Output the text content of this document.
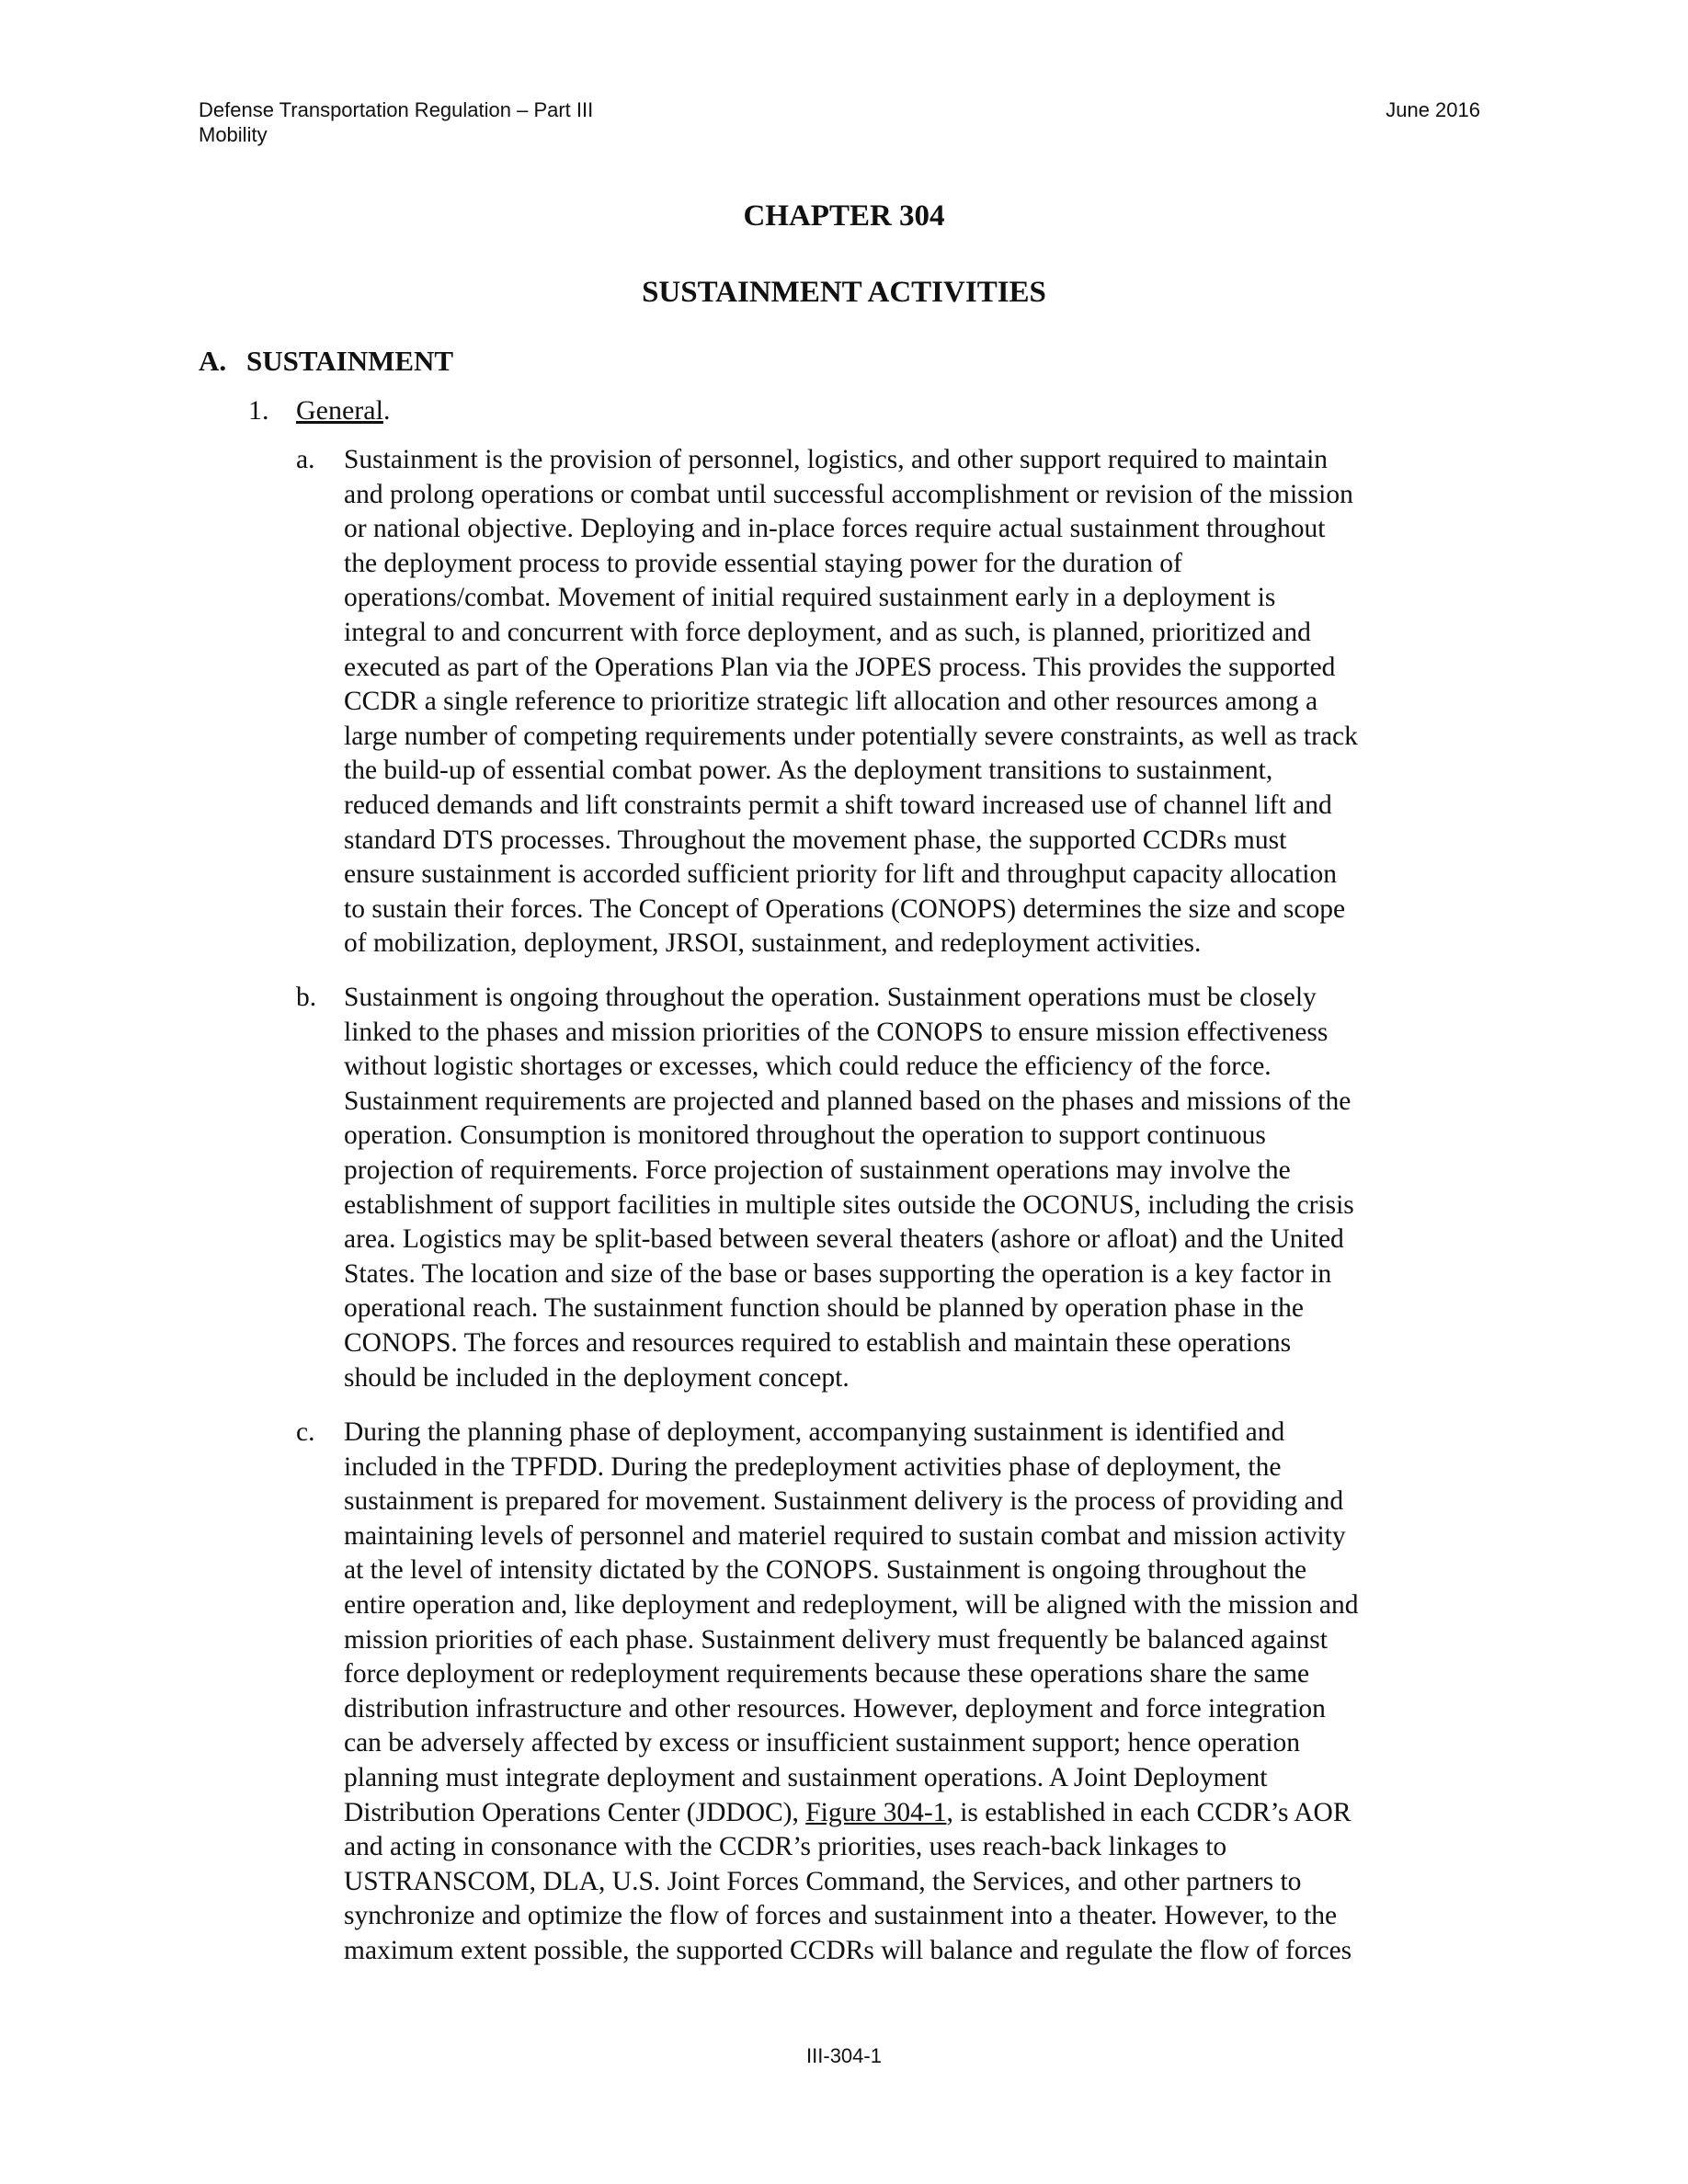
Defense Transportation Regulation – Part III
Mobility
June 2016
CHAPTER 304
SUSTAINMENT ACTIVITIES
A. SUSTAINMENT
1. General.
a. Sustainment is the provision of personnel, logistics, and other support required to maintain
and prolong operations or combat until successful accomplishment or revision of the mission
or national objective. Deploying and in-place forces require actual sustainment throughout
the deployment process to provide essential staying power for the duration of
operations/combat. Movement of initial required sustainment early in a deployment is
integral to and concurrent with force deployment, and as such, is planned, prioritized and
executed as part of the Operations Plan via the JOPES process. This provides the supported
CCDR a single reference to prioritize strategic lift allocation and other resources among a
large number of competing requirements under potentially severe constraints, as well as track
the build-up of essential combat power. As the deployment transitions to sustainment,
reduced demands and lift constraints permit a shift toward increased use of channel lift and
standard DTS processes. Throughout the movement phase, the supported CCDRs must
ensure sustainment is accorded sufficient priority for lift and throughput capacity allocation
to sustain their forces. The Concept of Operations (CONOPS) determines the size and scope
of mobilization, deployment, JRSOI, sustainment, and redeployment activities.
b. Sustainment is ongoing throughout the operation. Sustainment operations must be closely
linked to the phases and mission priorities of the CONOPS to ensure mission effectiveness
without logistic shortages or excesses, which could reduce the efficiency of the force.
Sustainment requirements are projected and planned based on the phases and missions of the
operation. Consumption is monitored throughout the operation to support continuous
projection of requirements. Force projection of sustainment operations may involve the
establishment of support facilities in multiple sites outside the OCONUS, including the crisis
area. Logistics may be split-based between several theaters (ashore or afloat) and the United
States. The location and size of the base or bases supporting the operation is a key factor in
operational reach. The sustainment function should be planned by operation phase in the
CONOPS. The forces and resources required to establish and maintain these operations
should be included in the deployment concept.
c. During the planning phase of deployment, accompanying sustainment is identified and
included in the TPFDD. During the predeployment activities phase of deployment, the
sustainment is prepared for movement. Sustainment delivery is the process of providing and
maintaining levels of personnel and materiel required to sustain combat and mission activity
at the level of intensity dictated by the CONOPS. Sustainment is ongoing throughout the
entire operation and, like deployment and redeployment, will be aligned with the mission and
mission priorities of each phase. Sustainment delivery must frequently be balanced against
force deployment or redeployment requirements because these operations share the same
distribution infrastructure and other resources. However, deployment and force integration
can be adversely affected by excess or insufficient sustainment support; hence operation
planning must integrate deployment and sustainment operations. A Joint Deployment
Distribution Operations Center (JDDOC), Figure 304-1, is established in each CCDR’s AOR
and acting in consonance with the CCDR’s priorities, uses reach-back linkages to
USTRANSCOM, DLA, U.S. Joint Forces Command, the Services, and other partners to
synchronize and optimize the flow of forces and sustainment into a theater. However, to the
maximum extent possible, the supported CCDRs will balance and regulate the flow of forces
III-304-1
